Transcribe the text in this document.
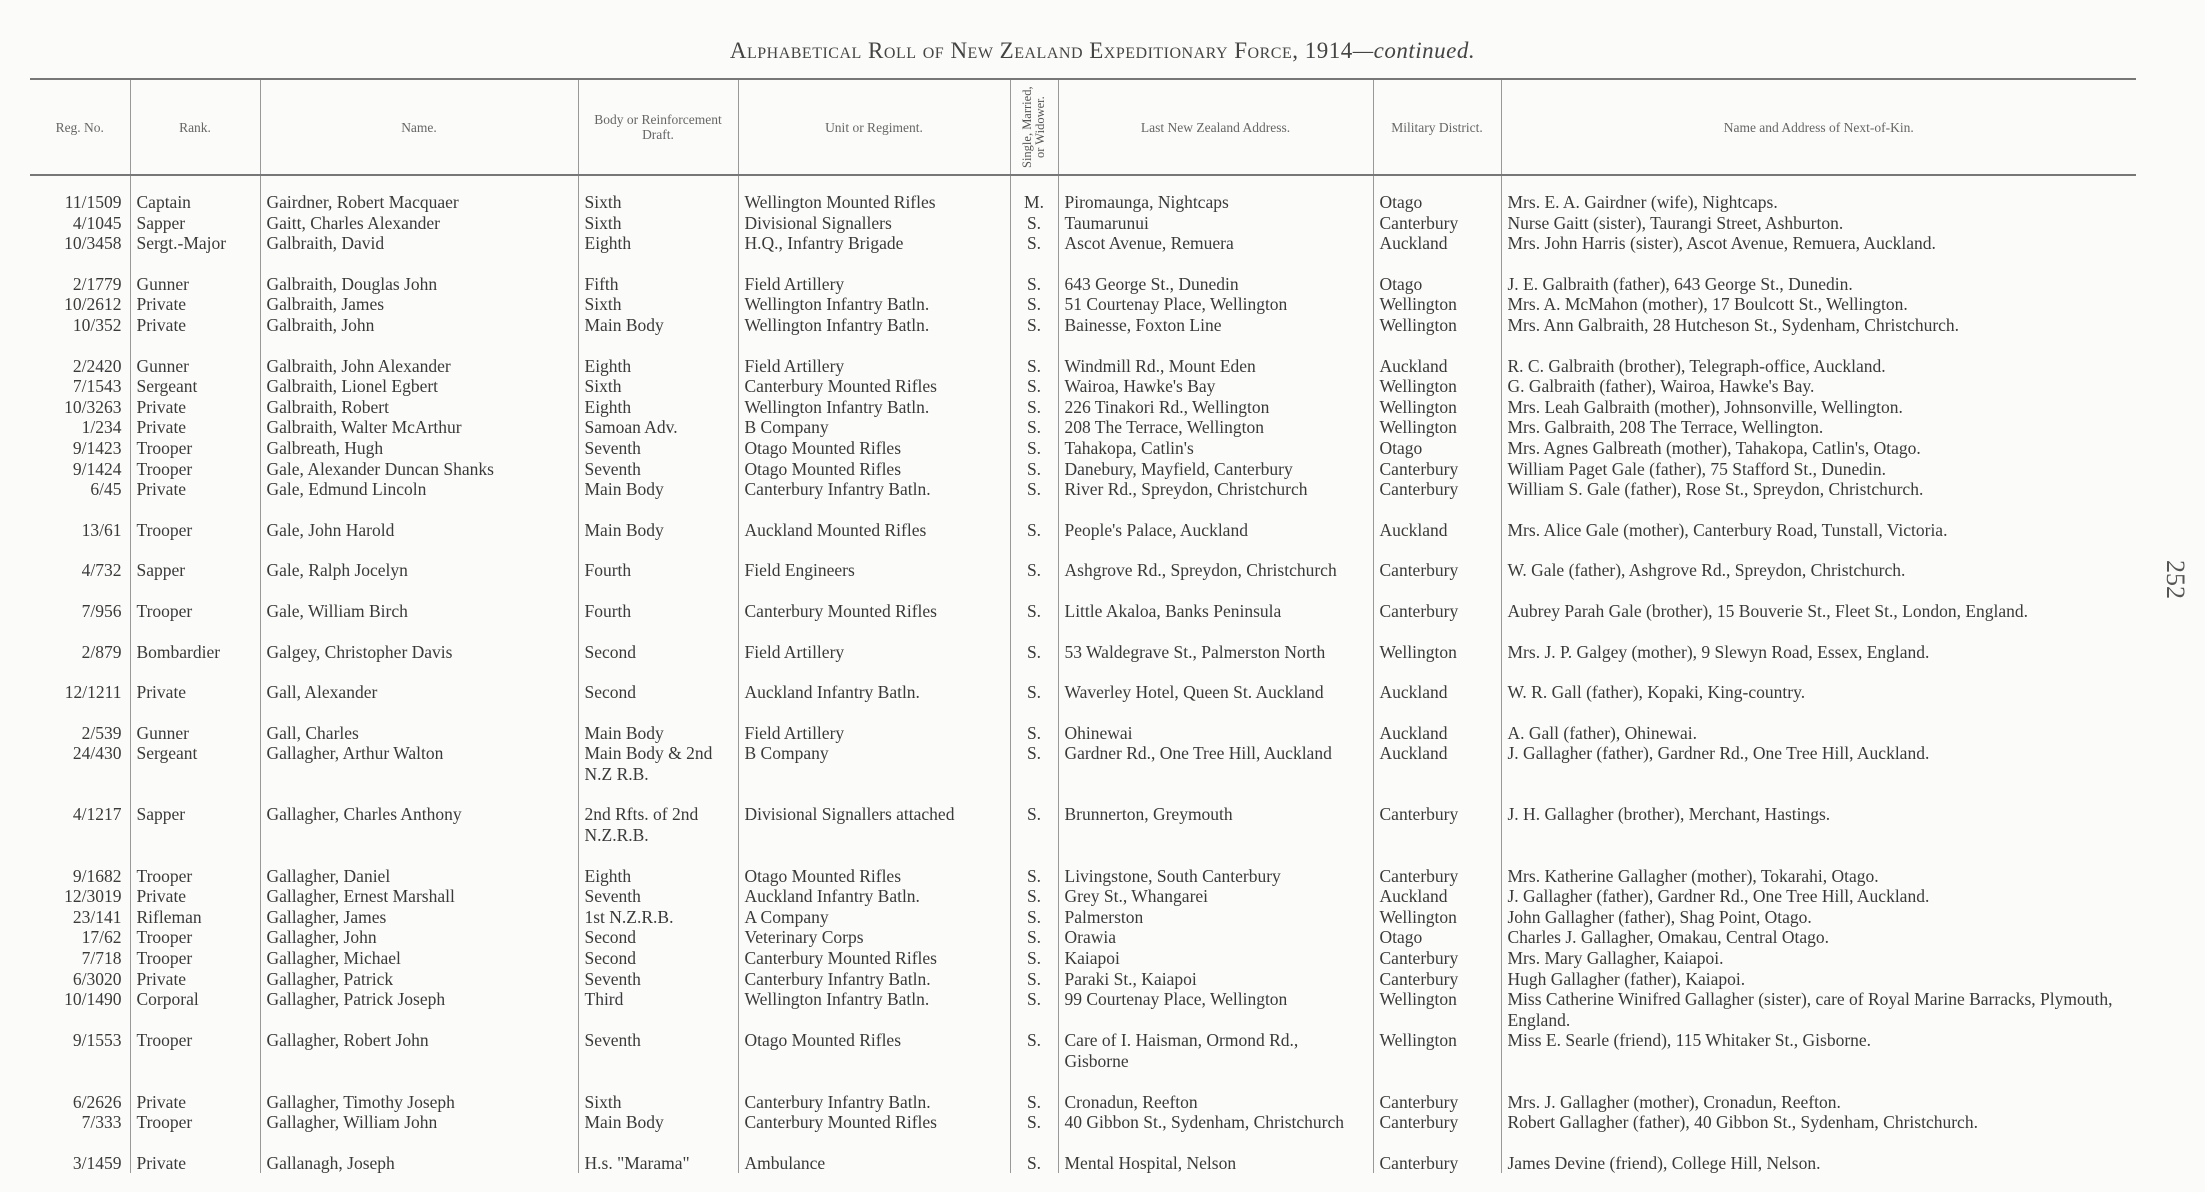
Alphabetical Roll of New Zealand Expeditionary Force, 1914—continued.
252
Reg. No.	Rank.	Name.	Body or Reinforcement Draft.	Unit or Regiment.	Single, Married, or Widower.	Last New Zealand Address.	Military District.	Name and Address of Next-of-Kin.
11/1509	Captain	Gairdner, Robert Macquaer	Sixth	Wellington Mounted Rifles	M.	Piromaunga, Nightcaps	Otago	Mrs. E. A. Gairdner (wife), Nightcaps.
4/1045	Sapper	Gaitt, Charles Alexander	Sixth	Divisional Signallers	S.	Taumarunui	Canterbury	Nurse Gaitt (sister), Taurangi Street, Ashburton.
10/3458	Sergt.-Major	Galbraith, David	Eighth	H.Q., Infantry Brigade	S.	Ascot Avenue, Remuera	Auckland	Mrs. John Harris (sister), Ascot Avenue, Remuera, Auckland.
2/1779	Gunner	Galbraith, Douglas John	Fifth	Field Artillery	S.	643 George St., Dunedin	Otago	J. E. Galbraith (father), 643 George St., Dunedin.
10/2612	Private	Galbraith, James	Sixth	Wellington Infantry Batln.	S.	51 Courtenay Place, Wellington	Wellington	Mrs. A. McMahon (mother), 17 Boulcott St., Wellington.
10/352	Private	Galbraith, John	Main Body	Wellington Infantry Batln.	S.	Bainesse, Foxton Line	Wellington	Mrs. Ann Galbraith, 28 Hutcheson St., Sydenham, Christchurch.
2/2420	Gunner	Galbraith, John Alexander	Eighth	Field Artillery	S.	Windmill Rd., Mount Eden	Auckland	R. C. Galbraith (brother), Telegraph-office, Auckland.
7/1543	Sergeant	Galbraith, Lionel Egbert	Sixth	Canterbury Mounted Rifles	S.	Wairoa, Hawke's Bay	Wellington	G. Galbraith (father), Wairoa, Hawke's Bay.
10/3263	Private	Galbraith, Robert	Eighth	Wellington Infantry Batln.	S.	226 Tinakori Rd., Wellington	Wellington	Mrs. Leah Galbraith (mother), Johnsonville, Wellington.
1/234	Private	Galbraith, Walter McArthur	Samoan Adv.	B Company	S.	208 The Terrace, Wellington	Wellington	Mrs. Galbraith, 208 The Terrace, Wellington.
9/1423	Trooper	Galbreath, Hugh	Seventh	Otago Mounted Rifles	S.	Tahakopa, Catlin's	Otago	Mrs. Agnes Galbreath (mother), Tahakopa, Catlin's, Otago.
9/1424	Trooper	Gale, Alexander Duncan Shanks	Seventh	Otago Mounted Rifles	S.	Danebury, Mayfield, Canterbury	Canterbury	William Paget Gale (father), 75 Stafford St., Dunedin.
6/45	Private	Gale, Edmund Lincoln	Main Body	Canterbury Infantry Batln.	S.	River Rd., Spreydon, Christchurch	Canterbury	William S. Gale (father), Rose St., Spreydon, Christchurch.
13/61	Trooper	Gale, John Harold	Main Body	Auckland Mounted Rifles	S.	People's Palace, Auckland	Auckland	Mrs. Alice Gale (mother), Canterbury Road, Tunstall, Victoria.
4/732	Sapper	Gale, Ralph Jocelyn	Fourth	Field Engineers	S.	Ashgrove Rd., Spreydon, Christchurch	Canterbury	W. Gale (father), Ashgrove Rd., Spreydon, Christchurch.
7/956	Trooper	Gale, William Birch	Fourth	Canterbury Mounted Rifles	S.	Little Akaloa, Banks Peninsula	Canterbury	Aubrey Parah Gale (brother), 15 Bouverie St., Fleet St., London, England.
2/879	Bombardier	Galgey, Christopher Davis	Second	Field Artillery	S.	53 Waldegrave St., Palmerston North	Wellington	Mrs. J. P. Galgey (mother), 9 Slewyn Road, Essex, England.
12/1211	Private	Gall, Alexander	Second	Auckland Infantry Batln.	S.	Waverley Hotel, Queen St. Auckland	Auckland	W. R. Gall (father), Kopaki, King-country.
2/539	Gunner	Gall, Charles	Main Body	Field Artillery	S.	Ohinewai	Auckland	A. Gall (father), Ohinewai.
24/430	Sergeant	Gallagher, Arthur Walton	Main Body & 2nd N.Z R.B.	B Company	S.	Gardner Rd., One Tree Hill, Auckland	Auckland	J. Gallagher (father), Gardner Rd., One Tree Hill, Auckland.
4/1217	Sapper	Gallagher, Charles Anthony	2nd Rfts. of 2nd N.Z.R.B.	Divisional Signallers attached	S.	Brunnerton, Greymouth	Canterbury	J. H. Gallagher (brother), Merchant, Hastings.
9/1682	Trooper	Gallagher, Daniel	Eighth	Otago Mounted Rifles	S.	Livingstone, South Canterbury	Canterbury	Mrs. Katherine Gallagher (mother), Tokarahi, Otago.
12/3019	Private	Gallagher, Ernest Marshall	Seventh	Auckland Infantry Batln.	S.	Grey St., Whangarei	Auckland	J. Gallagher (father), Gardner Rd., One Tree Hill, Auckland.
23/141	Rifleman	Gallagher, James	1st N.Z.R.B.	A Company	S.	Palmerston	Wellington	John Gallagher (father), Shag Point, Otago.
17/62	Trooper	Gallagher, John	Second	Veterinary Corps	S.	Orawia	Otago	Charles J. Gallagher, Omakau, Central Otago.
7/718	Trooper	Gallagher, Michael	Second	Canterbury Mounted Rifles	S.	Kaiapoi	Canterbury	Mrs. Mary Gallagher, Kaiapoi.
6/3020	Private	Gallagher, Patrick	Seventh	Canterbury Infantry Batln.	S.	Paraki St., Kaiapoi	Canterbury	Hugh Gallagher (father), Kaiapoi.
10/1490	Corporal	Gallagher, Patrick Joseph	Third	Wellington Infantry Batln.	S.	99 Courtenay Place, Wellington	Wellington	Miss Catherine Winifred Gallagher (sister), care of Royal Marine Barracks, Plymouth, England.
9/1553	Trooper	Gallagher, Robert John	Seventh	Otago Mounted Rifles	S.	Care of I. Haisman, Ormond Rd., Gisborne	Wellington	Miss E. Searle (friend), 115 Whitaker St., Gisborne.
6/2626	Private	Gallagher, Timothy Joseph	Sixth	Canterbury Infantry Batln.	S.	Cronadun, Reefton	Canterbury	Mrs. J. Gallagher (mother), Cronadun, Reefton.
7/333	Trooper	Gallagher, William John	Main Body	Canterbury Mounted Rifles	S.	40 Gibbon St., Sydenham, Christchurch	Canterbury	Robert Gallagher (father), 40 Gibbon St., Sydenham, Christchurch.
3/1459	Private	Gallanagh, Joseph	H.s. "Marama"	Ambulance	S.	Mental Hospital, Nelson	Canterbury	James Devine (friend), College Hill, Nelson.
